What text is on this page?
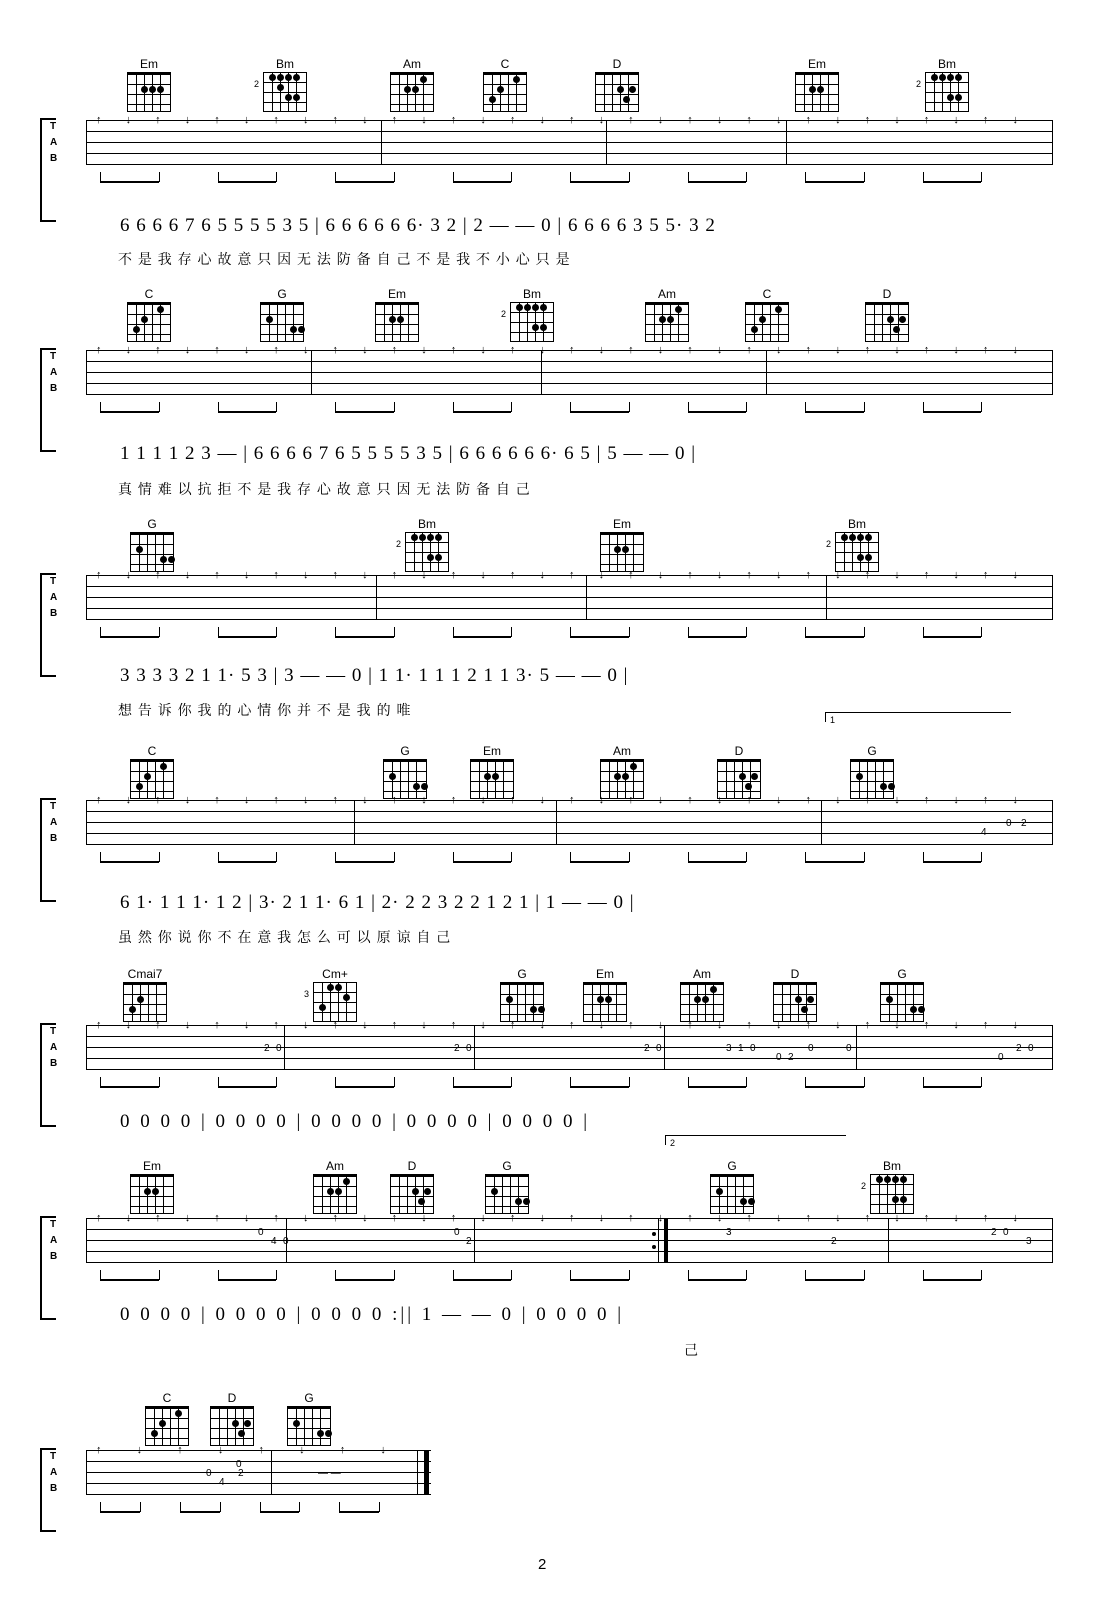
T
A
B
Em	Bm
2
Am	C	D	Em	Bm
2
6 6 6 6 7 6 5 5 5 5 3 5 | 6 6 6 6 6 6· 3 2 | 2 — — 0 | 6 6 6 6 3 5 5· 3 2
不 是 我 存 心 故 意 只 因 无 法 防 备 自 己 不 是 我 不 小 心 只 是
T
A
B
C	G	Em	Bm
2
Am	C	D
1 1 1 1 2 3 — | 6 6 6 6 7 6 5 5 5 5 3 5 | 6 6 6 6 6 6· 6 5 | 5 — — 0 |
真 情 难 以 抗 拒 不 是 我 存 心 故 意 只 因 无 法 防 备 自 己
T
A
B
G	Bm
2
Em	Bm
2
3 3 3 3 2 1 1· 5 3 | 3 — — 0 | 1 1· 1 1 1 2 1 1 3· 5 — — 0 |
想 告 诉 你 我 的 心 情 你 并 不 是 我 的 唯
1
T
A
B
4
0 2
C	G	Em	Am	D	G
6 1· 1 1 1· 1 2 | 3· 2 1 1· 6 1 | 2· 2 2 3 2 2 1 2 1 | 1 — — 0 |
虽 然 你 说 你 不 在 意 我 怎 么 可 以 原 谅 自 己
T
A
B
2 0	2 0	2 0	3 1 0	0	0
0 2
2 0
0
Cmai7	Cm+
3
G	Em	Am	D	G
0 0 0 0 | 0 0 0 0 | 0 0 0 0 | 0 0 0 0 | 0 0 0 0 |
2
T
A
B
4 0
0
2
0	3
2
2 0
3
Em	Am	D	G	G	Bm
2
0 0 0 0 | 0 0 0 0 | 0 0 0 0 :|| 1 — — 0 | 0 0 0 0 |
己
T
A
B
0	2
0
4
— —
C	D	G
↑ ↓ ↑ ↓ ↑ ↓ ↑ ↓ ↑ ↓ ↑ ↓ ↑ ↓ ↑ ↓ ↑ ↓ ↑ ↓ ↑ ↓ ↑ ↓ ↑ ↓ ↑ ↓ ↑ ↓ ↑ ↓
↑ ↓ ↑ ↓ ↑ ↓ ↑ ↓ ↑ ↓ ↑ ↓ ↑ ↓ ↑ ↓ ↑ ↓ ↑ ↓ ↑ ↓ ↑ ↓ ↑ ↓ ↑ ↓ ↑ ↓ ↑ ↓
↑ ↓ ↑ ↓ ↑ ↓ ↑ ↓ ↑ ↓ ↑ ↓ ↑ ↓ ↑ ↓ ↑ ↓ ↑ ↓ ↑ ↓ ↑ ↓ ↑ ↓ ↑ ↓ ↑ ↓ ↑ ↓
↑ ↓ ↑ ↓ ↑ ↓ ↑ ↓ ↑ ↓ ↑ ↓ ↑ ↓ ↑ ↓ ↑ ↓ ↑ ↓ ↑ ↓ ↑ ↓ ↑ ↓ ↑ ↓ ↑ ↓ ↑ ↓
↑ ↓ ↑ ↓ ↑ ↓ ↑ ↓ ↑ ↓ ↑ ↓ ↑ ↓ ↑ ↓ ↑ ↓ ↑ ↓ ↑ ↓ ↑ ↓ ↑ ↓ ↑ ↓ ↑ ↓ ↑ ↓
↑ ↓ ↑ ↓ ↑ ↓ ↑ ↓ ↑ ↓ ↑ ↓ ↑ ↓ ↑ ↓ ↑ ↓ ↑ ↓ ↑ ↓ ↑ ↓ ↑ ↓ ↑ ↓ ↑ ↓ ↑ ↓
↑	↓	↑	↓	↑	↓	↑	↓
2
